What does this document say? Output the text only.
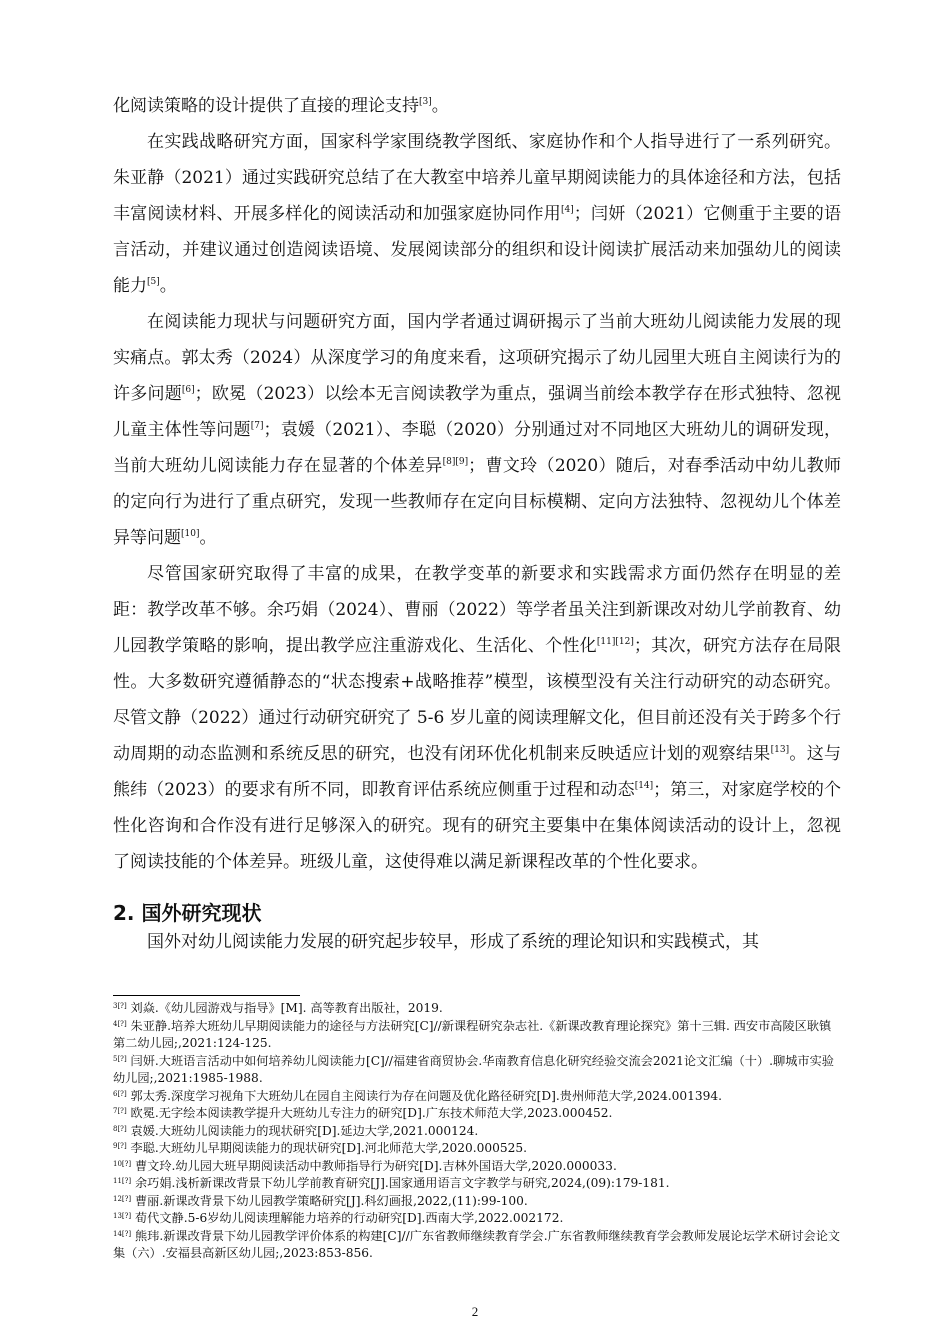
化阅读策略的设计提供了直接的理论支持[3]。

在实践战略研究方面，国家科学家围绕教学图纸、家庭协作和个人指导进行了一系列研究。朱亚静（2021）通过实践研究总结了在大教室中培养儿童早期阅读能力的具体途径和方法，包括丰富阅读材料、开展多样化的阅读活动和加强家庭协同作用[4]；闫妍（2021）它侧重于主要的语言活动，并建议通过创造阅读语境、发展阅读部分的组织和设计阅读扩展活动来加强幼儿的阅读能力[5]。

在阅读能力现状与问题研究方面，国内学者通过调研揭示了当前大班幼儿阅读能力发展的现实痛点。郭太秀（2024）从深度学习的角度来看，这项研究揭示了幼儿园里大班自主阅读行为的许多问题[6]；欧冕（2023）以绘本无言阅读教学为重点，强调当前绘本教学存在形式独特、忽视儿童主体性等问题[7]；袁媛（2021）、李聪（2020）分别通过对不同地区大班幼儿的调研发现，当前大班幼儿阅读能力存在显著的个体差异[8][9]；曹文玲（2020）随后，对春季活动中幼儿教师的定向行为进行了重点研究，发现一些教师存在定向目标模糊、定向方法独特、忽视幼儿个体差异等问题[10]。

尽管国家研究取得了丰富的成果，在教学变革的新要求和实践需求方面仍然存在明显的差距：教学改革不够。余巧娟（2024）、曹丽（2022）等学者虽关注到新课改对幼儿学前教育、幼儿园教学策略的影响，提出教学应注重游戏化、生活化、个性化[11][12]；其次，研究方法存在局限性。大多数研究遵循静态的“状态搜索+战略推荐”模型，该模型没有关注行动研究的动态研究。尽管文静（2022）通过行动研究研究了 5-6 岁儿童的阅读理解文化，但目前还没有关于跨多个行动周期的动态监测和系统反思的研究，也没有闭环优化机制来反映适应计划的观察结果[13]。这与熊纬（2023）的要求有所不同，即教育评估系统应侧重于过程和动态[14]；第三，对家庭学校的个性化咨询和合作没有进行足够深入的研究。现有的研究主要集中在集体阅读活动的设计上，忽视了阅读技能的个体差异。班级儿童，这使得难以满足新课程改革的个性化要求。

2. 国外研究现状

国外对幼儿阅读能力发展的研究起步较早，形成了系统的理论知识和实践模式，其

$^{3[?]}$ 刘焱.《幼儿园游戏与指导》[M]. 高等教育出版社，2019.

$^{4[?]}$ 朱亚静.培养大班幼儿早期阅读能力的途径与方法研究[C]//新课程研究杂志社.《新课改教育理论探究》第十三辑. 西安市高陵区耿镇第二幼儿园;,2021:124-125.

$^{5[?]}$ 闫妍.大班语言活动中如何培养幼儿阅读能力[C]//福建省商贸协会.华南教育信息化研究经验交流会2021论文汇编（十）.聊城市实验幼儿园;,2021:1985-1988.

$^{6[?]}$ 郭太秀.深度学习视角下大班幼儿在园自主阅读行为存在问题及优化路径研究[D].贵州师范大学,2024.001394.

$^{7[?]}$ 欧冕.无字绘本阅读教学提升大班幼儿专注力的研究[D].广东技术师范大学,2023.000452.

$^{8[?]}$ 袁媛.大班幼儿阅读能力的现状研究[D].延边大学,2021.000124.

$^{9[?]}$ 李聪.大班幼儿早期阅读能力的现状研究[D].河北师范大学,2020.000525.

$^{10[?]}$ 曹文玲.幼儿园大班早期阅读活动中教师指导行为研究[D].吉林外国语大学,2020.000033.

$^{11[?]}$ 余巧娟.浅析新课改背景下幼儿学前教育研究[J].国家通用语言文字教学与研究,2024,(09):179-181.

$^{12[?]}$ 曹丽.新课改背景下幼儿园教学策略研究[J].科幻画报,2022,(11):99-100.

$^{13[?]}$ 荀代文静.5-6岁幼儿阅读理解能力培养的行动研究[D].西南大学,2022.002172.

$^{14[?]}$ 熊玮.新课改背景下幼儿园教学评价体系的构建[C]//广东省教师继续教育学会.广东省教师继续教育学会教师发展论坛学术研讨会论文集（六）.安福县高新区幼儿园;,2023:853-856.

2
